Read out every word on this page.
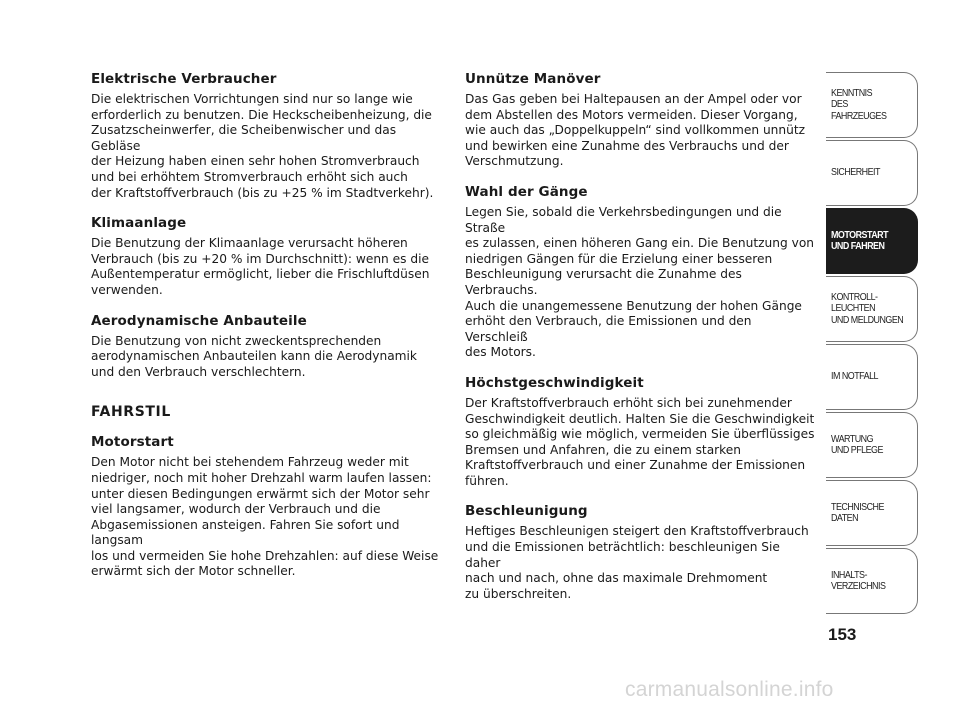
Elektrische Verbraucher

Die elektrischen Vorrichtungen sind nur so lange wie
erforderlich zu benutzen. Die Heckscheibenheizung, die
Zusatzscheinwerfer, die Scheibenwischer und das Gebläse
der Heizung haben einen sehr hohen Stromverbrauch
und bei erhöhtem Stromverbrauch erhöht sich auch
der Kraftstoffverbrauch (bis zu +25 % im Stadtverkehr).

Klimaanlage

Die Benutzung der Klimaanlage verursacht höheren
Verbrauch (bis zu +20 % im Durchschnitt): wenn es die
Außentemperatur ermöglicht, lieber die Frischluftdüsen
verwenden.

Aerodynamische Anbauteile

Die Benutzung von nicht zweckentsprechenden
aerodynamischen Anbauteilen kann die Aerodynamik
und den Verbrauch verschlechtern.

FAHRSTIL
Motorstart

Den Motor nicht bei stehendem Fahrzeug weder mit
niedriger, noch mit hoher Drehzahl warm laufen lassen:
unter diesen Bedingungen erwärmt sich der Motor sehr
viel langsamer, wodurch der Verbrauch und die
Abgasemissionen ansteigen. Fahren Sie sofort und langsam
los und vermeiden Sie hohe Drehzahlen: auf diese Weise
erwärmt sich der Motor schneller.

Unnütze Manöver

Das Gas geben bei Haltepausen an der Ampel oder vor
dem Abstellen des Motors vermeiden. Dieser Vorgang,
wie auch das „Doppelkuppeln“ sind vollkommen unnütz
und bewirken eine Zunahme des Verbrauchs und der
Verschmutzung.

Wahl der Gänge

Legen Sie, sobald die Verkehrsbedingungen und die Straße
es zulassen, einen höheren Gang ein. Die Benutzung von
niedrigen Gängen für die Erzielung einer besseren
Beschleunigung verursacht die Zunahme des Verbrauchs.
Auch die unangemessene Benutzung der hohen Gänge
erhöht den Verbrauch, die Emissionen und den Verschleiß
des Motors.

Höchstgeschwindigkeit

Der Kraftstoffverbrauch erhöht sich bei zunehmender
Geschwindigkeit deutlich. Halten Sie die Geschwindigkeit
so gleichmäßig wie möglich, vermeiden Sie überflüssiges
Bremsen und Anfahren, die zu einem starken
Kraftstoffverbrauch und einer Zunahme der Emissionen
führen.

Beschleunigung

Heftiges Beschleunigen steigert den Kraftstoffverbrauch
und die Emissionen beträchtlich: beschleunigen Sie daher
nach und nach, ohne das maximale Drehmoment
zu überschreiten.

KENNTNIS
DES FAHRZEUGES
SICHERHEIT
MOTORSTART
UND FAHREN
KONTROLL-
LEUCHTEN
UND MELDUNGEN
IM NOTFALL
WARTUNG
UND PFLEGE
TECHNISCHE
DATEN
INHALTS-
VERZEICHNIS
153
carmanualsonline.info
